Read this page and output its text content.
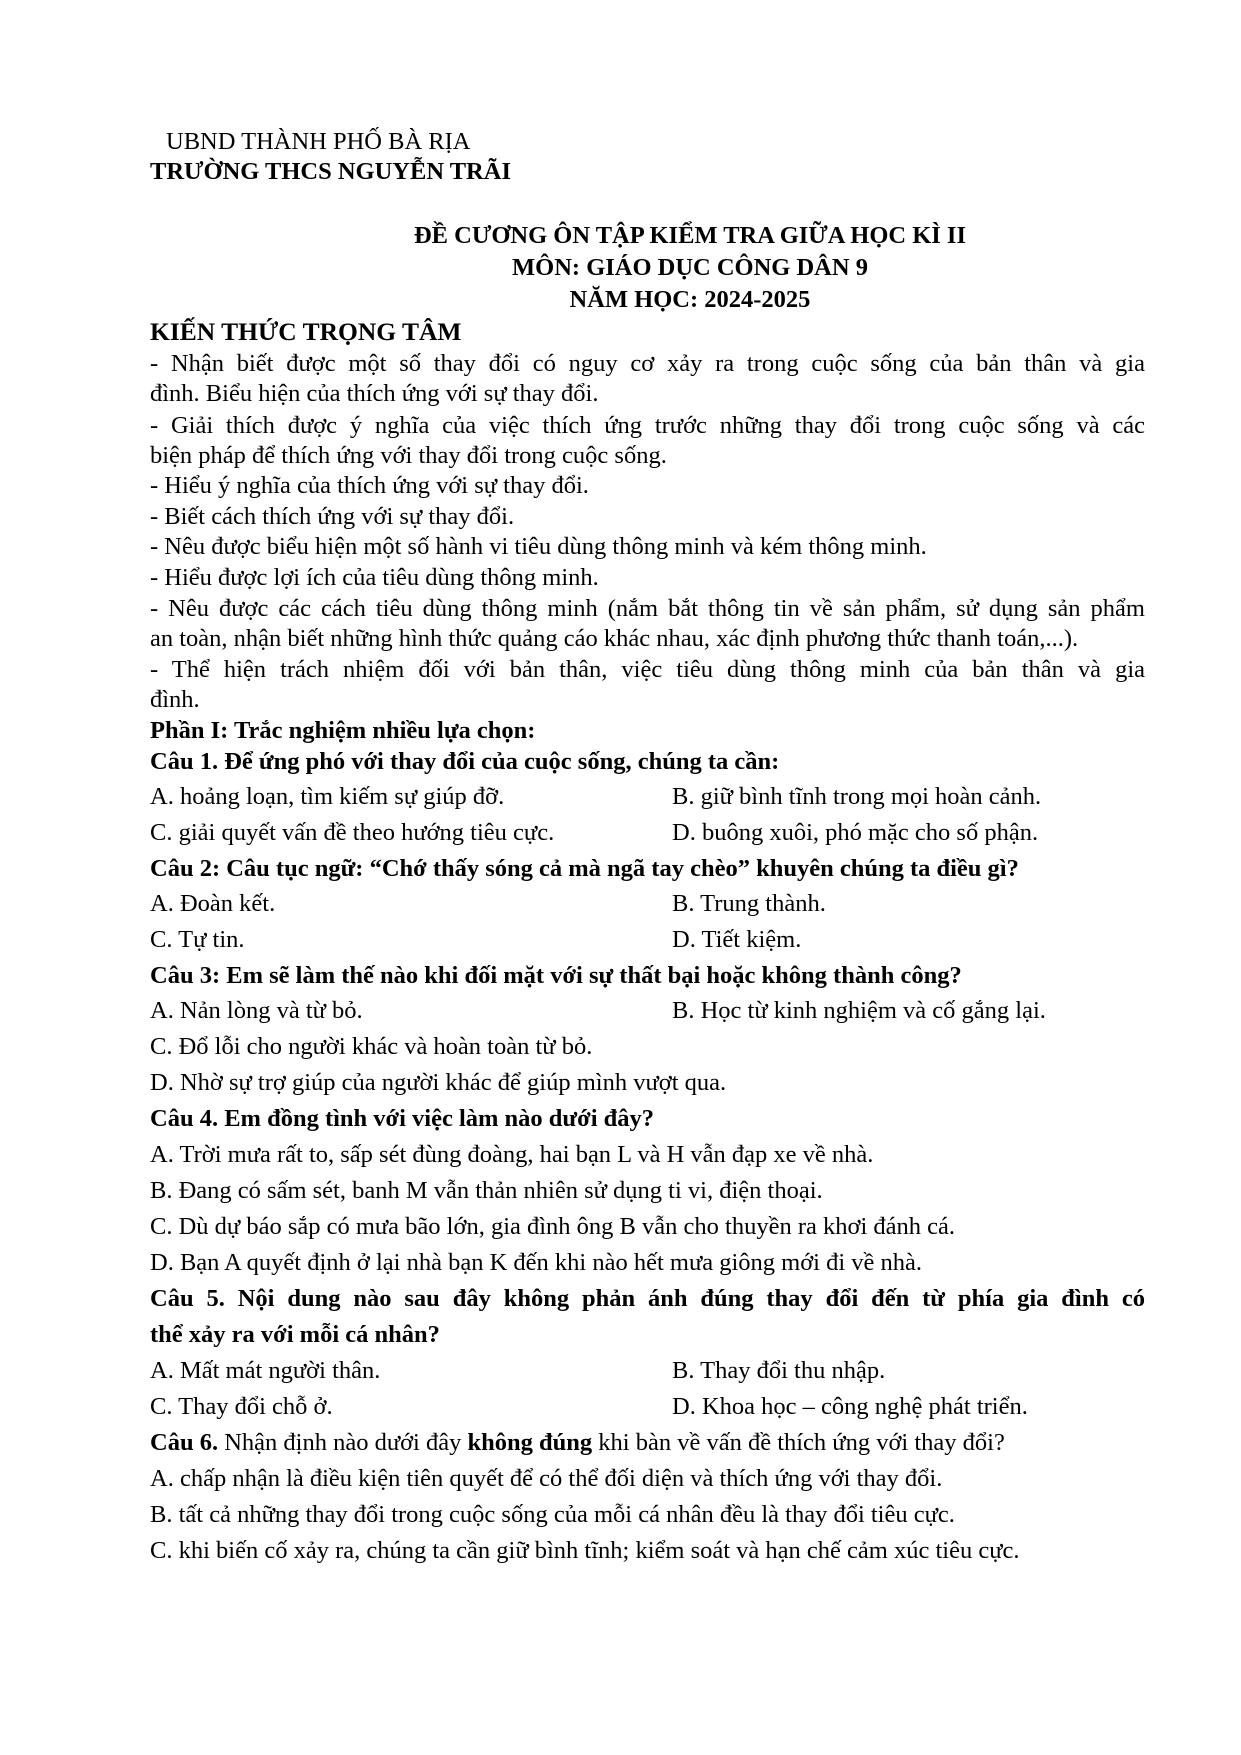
UBND THÀNH PHỐ BÀ RỊA
TRƯỜNG THCS NGUYỄN TRÃI
ĐỀ CƯƠNG ÔN TẬP KIỂM TRA GIỮA HỌC KÌ II
MÔN: GIÁO DỤC CÔNG DÂN 9
NĂM HỌC: 2024-2025
KIẾN THỨC TRỌNG TÂM
- Nhận biết được một số thay đổi có nguy cơ xảy ra trong cuộc sống của bản thân và gia
đình. Biểu hiện của thích ứng với sự thay đổi.
- Giải thích được ý nghĩa của việc thích ứng trước những thay đổi trong cuộc sống và các
biện pháp để thích ứng với thay đổi trong cuộc sống.
- Hiểu ý nghĩa của thích ứng với sự thay đổi.
- Biết cách thích ứng với sự thay đổi.
- Nêu được biểu hiện một số hành vi tiêu dùng thông minh và kém thông minh.
- Hiểu được lợi ích của tiêu dùng thông minh.
- Nêu được các cách tiêu dùng thông minh (nắm bắt thông tin về sản phẩm, sử dụng sản phẩm
an toàn, nhận biết những hình thức quảng cáo khác nhau, xác định phương thức thanh toán,...).
- Thể hiện trách nhiệm đối với bản thân, việc tiêu dùng thông minh của bản thân và gia
đình.
Phần I: Trắc nghiệm nhiều lựa chọn:
Câu 1. Để ứng phó với thay đổi của cuộc sống, chúng ta cần:
A. hoảng loạn, tìm kiếm sự giúp đỡ.	B. giữ bình tĩnh trong mọi hoàn cảnh.
C. giải quyết vấn đề theo hướng tiêu cực.	D. buông xuôi, phó mặc cho số phận.
Câu 2: Câu tục ngữ: “Chớ thấy sóng cả mà ngã tay chèo” khuyên chúng ta điều gì?
A. Đoàn kết.	B. Trung thành.
C. Tự tin.	D. Tiết kiệm.
Câu 3: Em sẽ làm thế nào khi đối mặt với sự thất bại hoặc không thành công?
A. Nản lòng và từ bỏ.	B. Học từ kinh nghiệm và cố gắng lại.
C. Đổ lỗi cho người khác và hoàn toàn từ bỏ.
D. Nhờ sự trợ giúp của người khác để giúp mình vượt qua.
Câu 4. Em đồng tình với việc làm nào dưới đây?
A. Trời mưa rất to, sấp sét đùng đoàng, hai bạn L và H vẫn đạp xe về nhà.
B. Đang có sấm sét, banh M vẫn thản nhiên sử dụng ti vi, điện thoại.
C. Dù dự báo sắp có mưa bão lớn, gia đình ông B vẫn cho thuyền ra khơi đánh cá.
D. Bạn A quyết định ở lại nhà bạn K đến khi nào hết mưa giông mới đi về nhà.
Câu 5. Nội dung nào sau đây không phản ánh đúng thay đổi đến từ phía gia đình có
thể xảy ra với mỗi cá nhân?
A. Mất mát người thân.	B. Thay đổi thu nhập.
C. Thay đổi chỗ ở.	D. Khoa học – công nghệ phát triển.
Câu 6. Nhận định nào dưới đây không đúng khi bàn về vấn đề thích ứng với thay đổi?
A. chấp nhận là điều kiện tiên quyết để có thể đối diện và thích ứng với thay đổi.
B. tất cả những thay đổi trong cuộc sống của mỗi cá nhân đều là thay đổi tiêu cực.
C. khi biến cố xảy ra, chúng ta cần giữ bình tĩnh; kiểm soát và hạn chế cảm xúc tiêu cực.
